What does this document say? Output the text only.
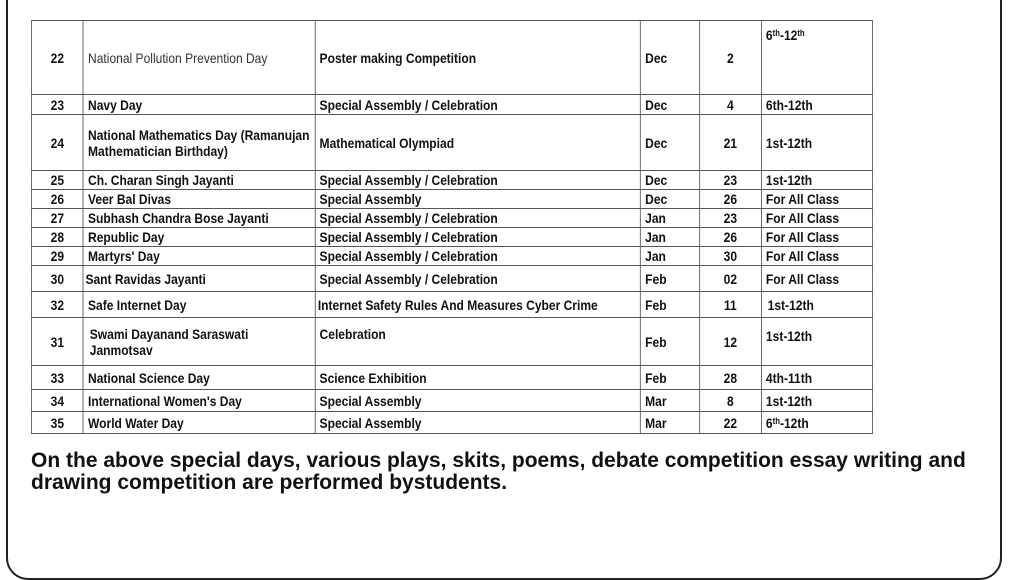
22	National Pollution Prevention Day	Poster making Competition	Dec	2	6th-12th
23	Navy Day	Special Assembly / Celebration	Dec	4	6th-12th
24	National Mathematics Day (Ramanujan Mathematician Birthday)	Mathematical Olympiad	Dec	21	1st-12th
25	Ch. Charan Singh Jayanti	Special Assembly / Celebration	Dec	23	1st-12th
26	Veer Bal Divas	Special Assembly	Dec	26	For All Class
27	Subhash Chandra Bose Jayanti	Special Assembly / Celebration	Jan	23	For All Class
28	Republic Day	Special Assembly / Celebration	Jan	26	For All Class
29	Martyrs' Day	Special Assembly / Celebration	Jan	30	For All Class
30	Sant Ravidas Jayanti	Special Assembly / Celebration	Feb	02	For All Class
32	Safe Internet Day	Internet Safety Rules And Measures Cyber Crime	Feb	11	1st-12th
31	Swami Dayanand Saraswati Janmotsav	Celebration	Feb	12	1st-12th
33	National Science Day	Science Exhibition	Feb	28	4th-11th
34	International Women's Day	Special Assembly	Mar	8	1st-12th
35	World Water Day	Special Assembly	Mar	22	6th-12th

On the above special days, various plays, skits, poems, debate competition essay writing and drawing competition are performed bystudents.
